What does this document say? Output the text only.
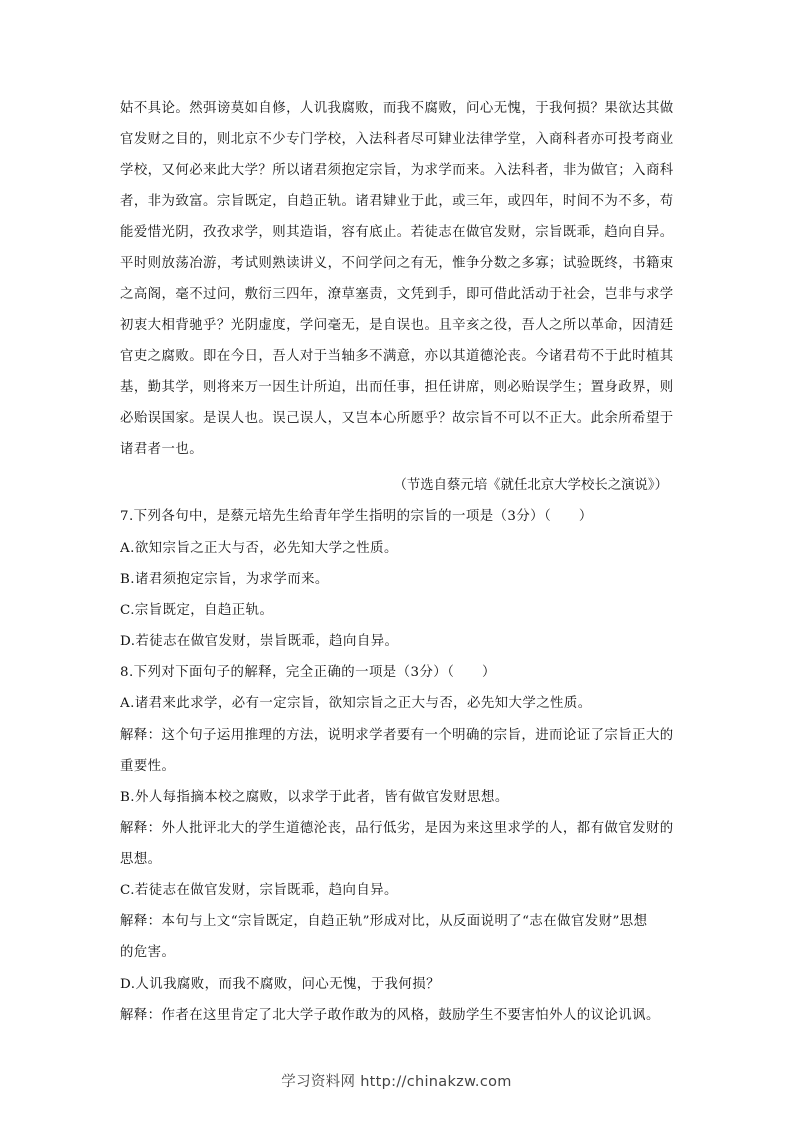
姑不具论。然弭谤莫如自修，人讥我腐败，而我不腐败，问心无愧，于我何损？果欲达其做
官发财之目的，则北京不少专门学校，入法科者尽可肄业法律学堂，入商科者亦可投考商业
学校，又何必来此大学？所以诸君须抱定宗旨，为求学而来。入法科者，非为做官；入商科
者，非为致富。宗旨既定，自趋正轨。诸君肄业于此，或三年，或四年，时间不为不多，苟
能爱惜光阴，孜孜求学，则其造诣，容有底止。若徒志在做官发财，宗旨既乖，趋向自异。
平时则放荡冶游，考试则熟读讲义，不问学问之有无，惟争分数之多寡；试验既终，书籍束
之高阁，毫不过问，敷衍三四年，潦草塞责，文凭到手，即可借此活动于社会，岂非与求学
初衷大相背驰乎？光阴虚度，学问毫无，是自误也。且辛亥之役，吾人之所以革命，因清廷
官吏之腐败。即在今日，吾人对于当轴多不满意，亦以其道德沦丧。今诸君苟不于此时植其
基，勤其学，则将来万一因生计所迫，出而任事，担任讲席，则必贻误学生；置身政界，则
必贻误国家。是误人也。误己误人，又岂本心所愿乎？故宗旨不可以不正大。此余所希望于
诸君者一也。
（节选自蔡元培《就任北京大学校长之演说》）
7.下列各句中，是蔡元培先生给青年学生指明的宗旨的一项是（3分）（　　）
A.欲知宗旨之正大与否，必先知大学之性质。
B.诸君须抱定宗旨，为求学而来。
C.宗旨既定，自趋正轨。
D.若徒志在做官发财，崇旨既乖，趋向自异。
8.下列对下面句子的解释，完全正确的一项是（3分）（　　）
A.诸君来此求学，必有一定宗旨，欲知宗旨之正大与否，必先知大学之性质。
解释：这个句子运用推理的方法，说明求学者要有一个明确的宗旨，进而论证了宗旨正大的
重要性。
B.外人每指摘本校之腐败，以求学于此者，皆有做官发财思想。
解释：外人批评北大的学生道德沦丧，品行低劣，是因为来这里求学的人，都有做官发财的
思想。
C.若徒志在做官发财，宗旨既乖，趋向自异。
解释：本句与上文“宗旨既定，自趋正轨”形成对比，从反面说明了“志在做官发财”思想
的危害。
D.人讥我腐败，而我不腐败，问心无愧，于我何损？
解释：作者在这里肯定了北大学子敢作敢为的风格，鼓励学生不要害怕外人的议论讥讽。
学习资料网 http://chinakzw.com
